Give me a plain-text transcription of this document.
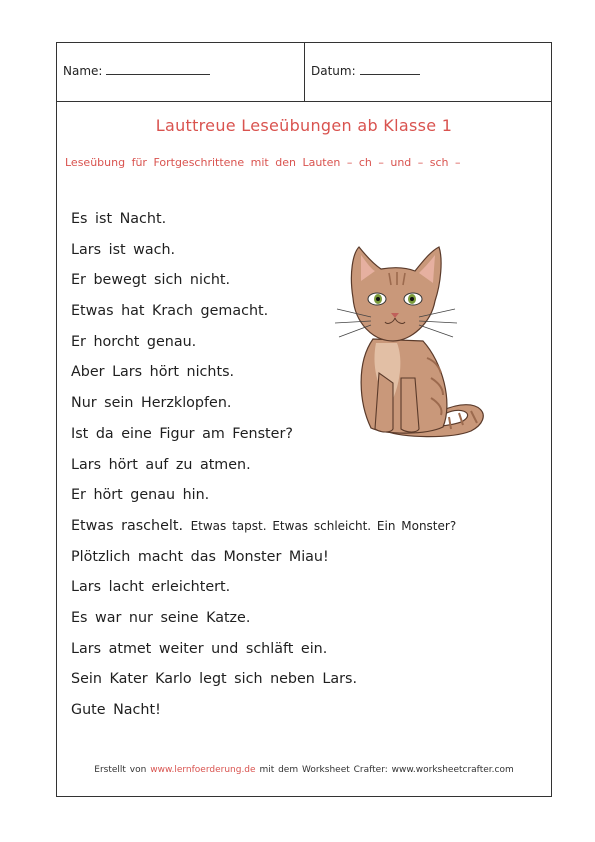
Name:	Datum:
Lauttreue Leseübungen ab Klasse 1
Leseübung für Fortgeschrittene mit den Lauten – ch – und – sch –
Es ist Nacht.
Lars ist wach.
Er bewegt sich nicht.
Etwas hat Krach gemacht.
Er horcht genau.
Aber Lars hört nichts.
Nur sein Herzklopfen.
Ist da eine Figur am Fenster?
Lars hört auf zu atmen.
Er hört genau hin.
Etwas raschelt. Etwas tapst. Etwas schleicht. Ein Monster?
Plötzlich macht das Monster Miau!
Lars lacht erleichtert.
Es war nur seine Katze.
Lars atmet weiter und schläft ein.
Sein Kater Karlo legt sich neben Lars.
Gute Nacht!
Erstellt von www.lernfoerderung.de mit dem Worksheet Crafter: www.worksheetcrafter.com
